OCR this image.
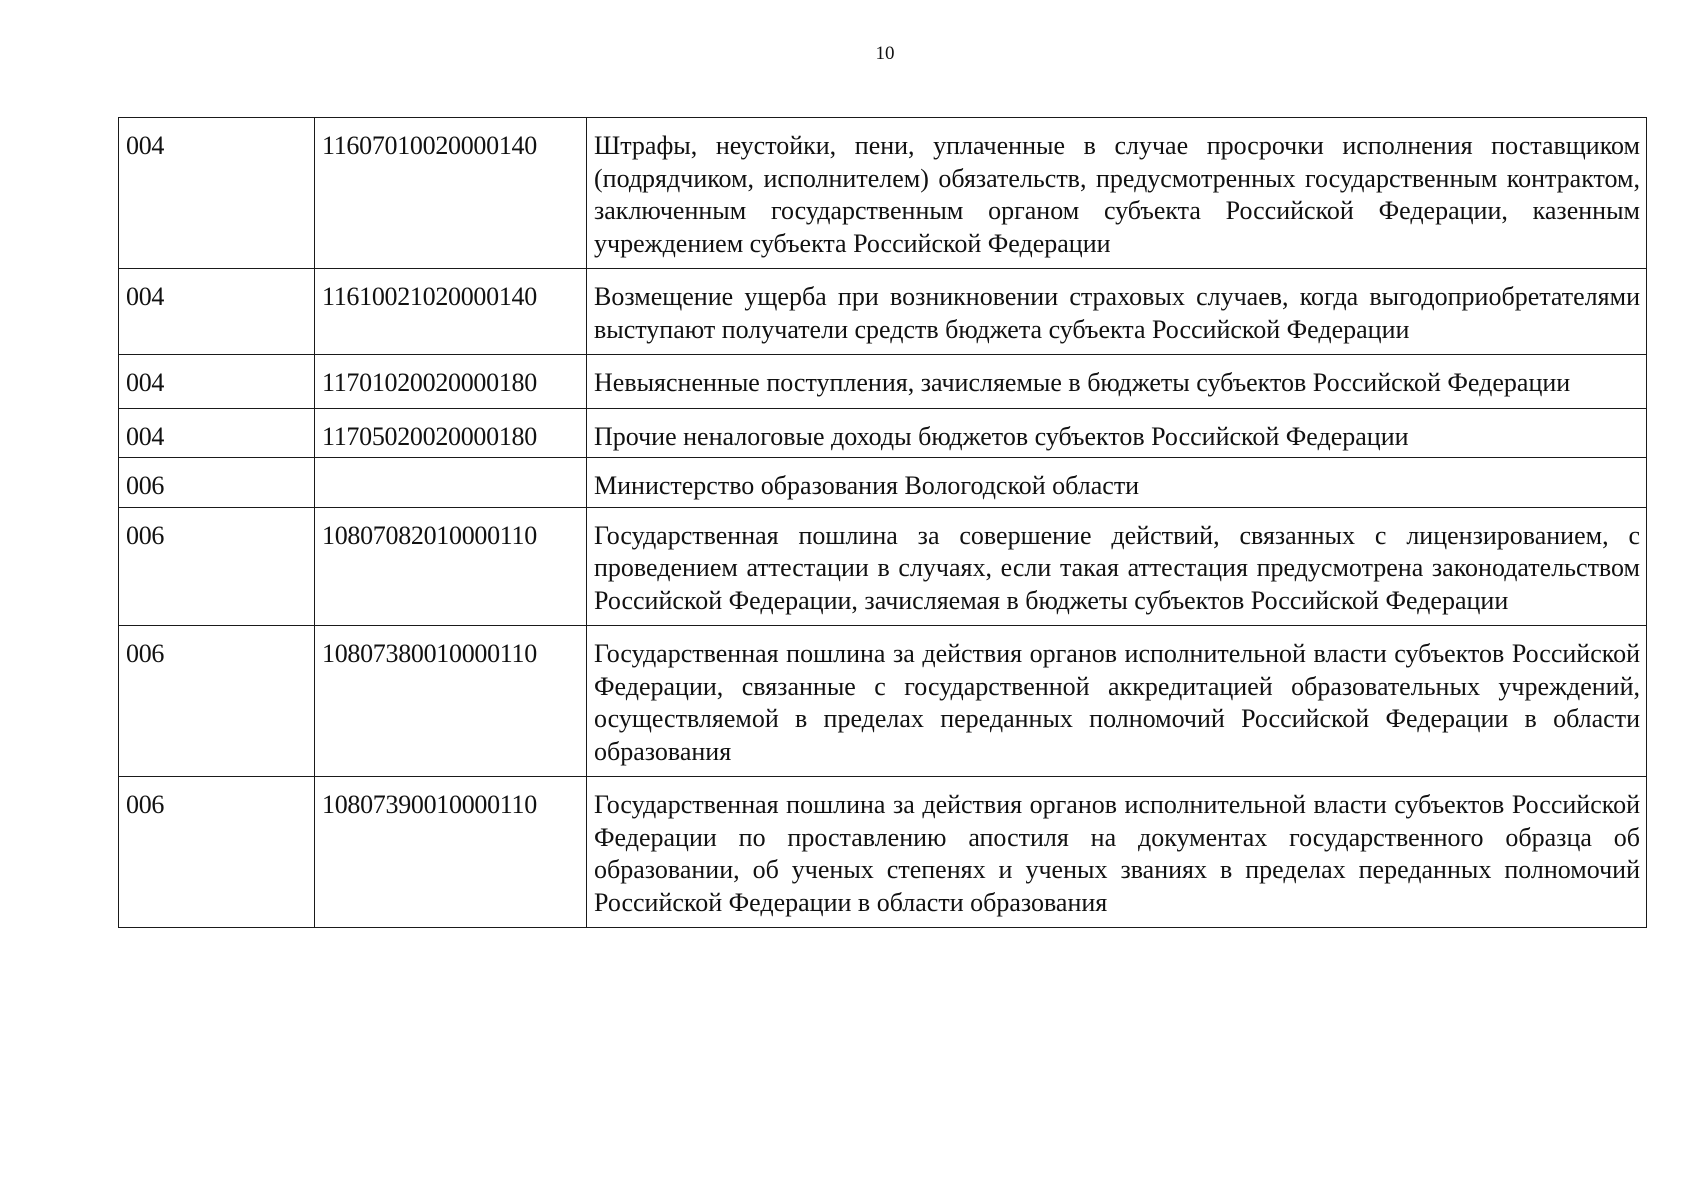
10
004	11607010020000140	Штрафы, неустойки, пени, уплаченные в случае просрочки исполнения поставщиком (подрядчиком, исполнителем) обязательств, предусмотренных государственным контрактом, заключенным государственным органом субъекта Российской Федерации, казенным учреждением субъекта Российской Федерации
004	11610021020000140	Возмещение ущерба при возникновении страховых случаев, когда выгодоприобретателями выступают получатели средств бюджета субъекта Российской Федерации
004	11701020020000180	Невыясненные поступления, зачисляемые в бюджеты субъектов Российской Федерации
004	11705020020000180	Прочие неналоговые доходы бюджетов субъектов Российской Федерации
006		Министерство образования Вологодской области
006	10807082010000110	Государственная пошлина за совершение действий, связанных с лицензированием, с проведением аттестации в случаях, если такая аттестация предусмотрена законодательством Российской Федерации, зачисляемая в бюджеты субъектов Российской Федерации
006	10807380010000110	Государственная пошлина за действия органов исполнительной власти субъектов Российской Федерации, связанные с государственной аккредитацией образовательных учреждений, осуществляемой в пределах переданных полномочий Российской Федерации в области образования
006	10807390010000110	Государственная пошлина за действия органов исполнительной власти субъектов Российской Федерации по проставлению апостиля на документах государственного образца об образовании, об ученых степенях и ученых званиях в пределах переданных полномочий Российской Федерации в области образования
